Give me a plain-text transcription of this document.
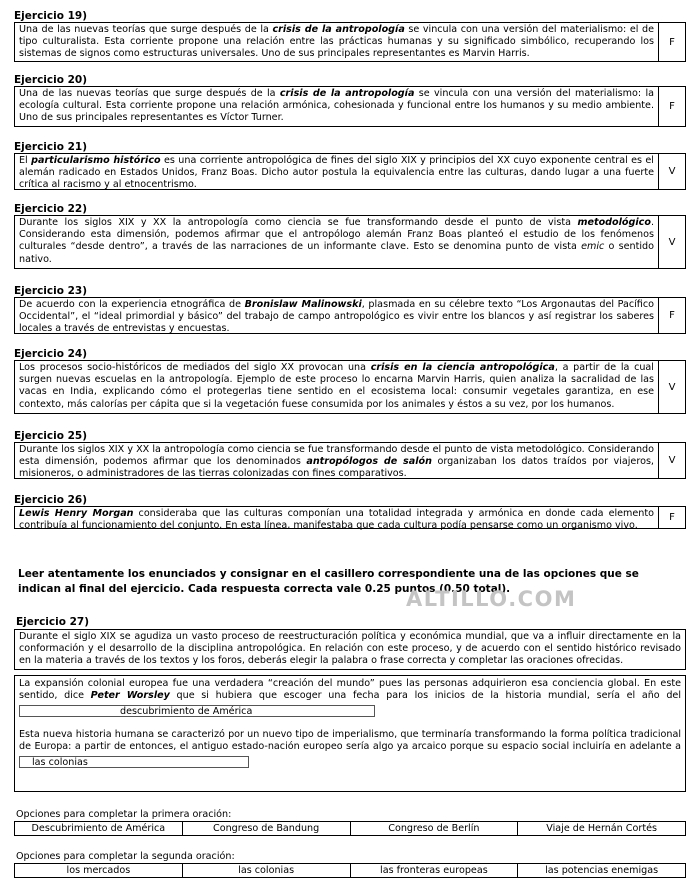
Ejercicio 19)
Una de las nuevas teorías que surge después de la crisis de la antropología se vincula con una versión del materialismo: el de tipo culturalista. Esta corriente propone una relación entre las prácticas humanas y su significado simbólico, recuperando los sistemas de signos como estructuras universales. Uno de sus principales representantes es Marvin Harris.
F
Ejercicio 20)
Una de las nuevas teorías que surge después de la crisis de la antropología se vincula con una versión del materialismo: la ecología cultural. Esta corriente propone una relación armónica, cohesionada y funcional entre los humanos y su medio ambiente. Uno de sus principales representantes es Víctor Turner.
F
Ejercicio 21)
El particularismo histórico es una corriente antropológica de fines del siglo XIX y principios del XX cuyo exponente central es el alemán radicado en Estados Unidos, Franz Boas. Dicho autor postula la equivalencia entre las culturas, dando lugar a una fuerte crítica al racismo y al etnocentrismo.
V
Ejercicio 22)
Durante los siglos XIX y XX la antropología como ciencia se fue transformando desde el punto de vista metodológico. Considerando esta dimensión, podemos afirmar que el antropólogo alemán Franz Boas planteó el estudio de los fenómenos culturales “desde dentro”, a través de las narraciones de un informante clave. Esto se denomina punto de vista emic o sentido nativo.
V
Ejercicio 23)
De acuerdo con la experiencia etnográfica de Bronislaw Malinowski, plasmada en su célebre texto “Los Argonautas del Pacífico Occidental”, el “ideal primordial y básico” del trabajo de campo antropológico es vivir entre los blancos y así registrar los saberes locales a través de entrevistas y encuestas.
F
Ejercicio 24)
Los procesos socio-históricos de mediados del siglo XX provocan una crisis en la ciencia antropológica, a partir de la cual surgen nuevas escuelas en la antropología. Ejemplo de este proceso lo encarna Marvin Harris, quien analiza la sacralidad de las vacas en India, explicando cómo el protegerlas tiene sentido en el ecosistema local: consumir vegetales garantiza, en ese contexto, más calorías per cápita que si la vegetación fuese consumida por los animales y éstos a su vez, por los humanos.
V
Ejercicio 25)
Durante los siglos XIX y XX la antropología como ciencia se fue transformando desde el punto de vista metodológico. Considerando esta dimensión, podemos afirmar que los denominados antropólogos de salón organizaban los datos traídos por viajeros, misioneros, o administradores de las tierras colonizadas con fines comparativos.
V
Ejercicio 26)
Lewis Henry Morgan consideraba que las culturas componían una totalidad integrada y armónica en donde cada elemento contribuía al funcionamiento del conjunto. En esta línea, manifestaba que cada cultura podía pensarse como un organismo vivo.
F
Leer atentamente los enunciados y consignar en el casillero correspondiente una de las opciones que se indican al final del ejercicio. Cada respuesta correcta vale 0.25 puntos (0.50 total).
ALTILLO.COM
Ejercicio 27)
Durante el siglo XIX se agudiza un vasto proceso de reestructuración política y económica mundial, que va a influir directamente en la conformación y el desarrollo de la disciplina antropológica. En relación con este proceso, y de acuerdo con el sentido histórico revisado en la materia a través de los textos y los foros, deberás elegir la palabra o frase correcta y completar las oraciones ofrecidas.
La expansión colonial europea fue una verdadera “creación del mundo” pues las personas adquirieron esa conciencia global. En este sentido, dice Peter Worsley que si hubiera que escoger una fecha para los inicios de la historia mundial, sería el año del descubrimiento de América
Esta nueva historia humana se caracterizó por un nuevo tipo de imperialismo, que terminaría transformando la forma política tradicional de Europa: a partir de entonces, el antiguo estado-nación europeo sería algo ya arcaico porque su espacio social incluiría en adelante a las colonias
Opciones para completar la primera oración:
Descubrimiento de América	Congreso de Bandung	Congreso de Berlín	Viaje de Hernán Cortés
Opciones para completar la segunda oración:
los mercados	las colonias	las fronteras europeas	las potencias enemigas
